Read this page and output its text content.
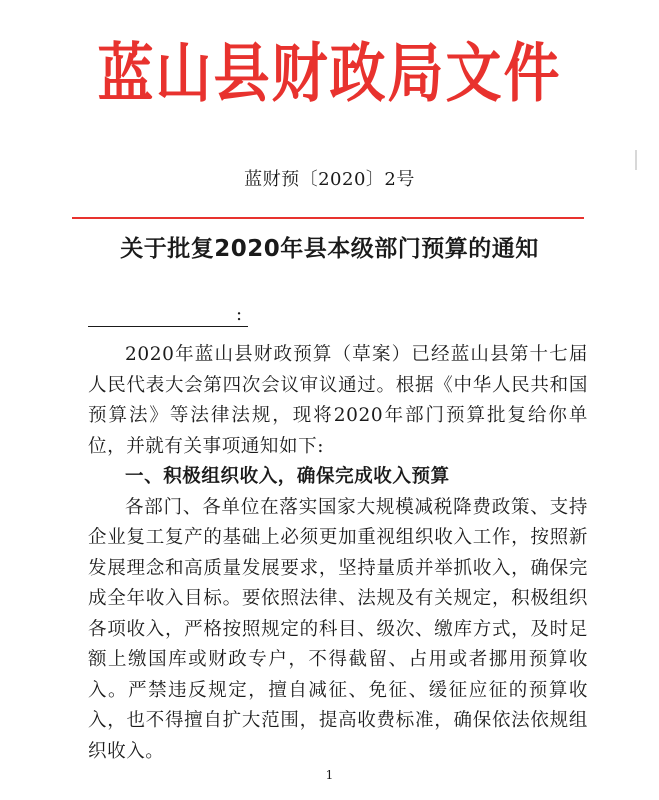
蓝山县财政局文件
蓝财预〔2020〕2号
关于批复2020年县本级部门预算的通知
:

2020年蓝山县财政预算（草案）已经蓝山县第十七届人民代表大会第四次会议审议通过。根据《中华人民共和国预算法》等法律法规，现将2020年部门预算批复给你单位，并就有关事项通知如下:

一、积极组织收入，确保完成收入预算

各部门、各单位在落实国家大规模减税降费政策、支持企业复工复产的基础上必须更加重视组织收入工作，按照新发展理念和高质量发展要求，坚持量质并举抓收入，确保完成全年收入目标。要依照法律、法规及有关规定，积极组织各项收入，严格按照规定的科目、级次、缴库方式，及时足额上缴国库或财政专户，不得截留、占用或者挪用预算收入。严禁违反规定，擅自减征、免征、缓征应征的预算收入，也不得擅自扩大范围，提高收费标准，确保依法依规组织收入。

1
